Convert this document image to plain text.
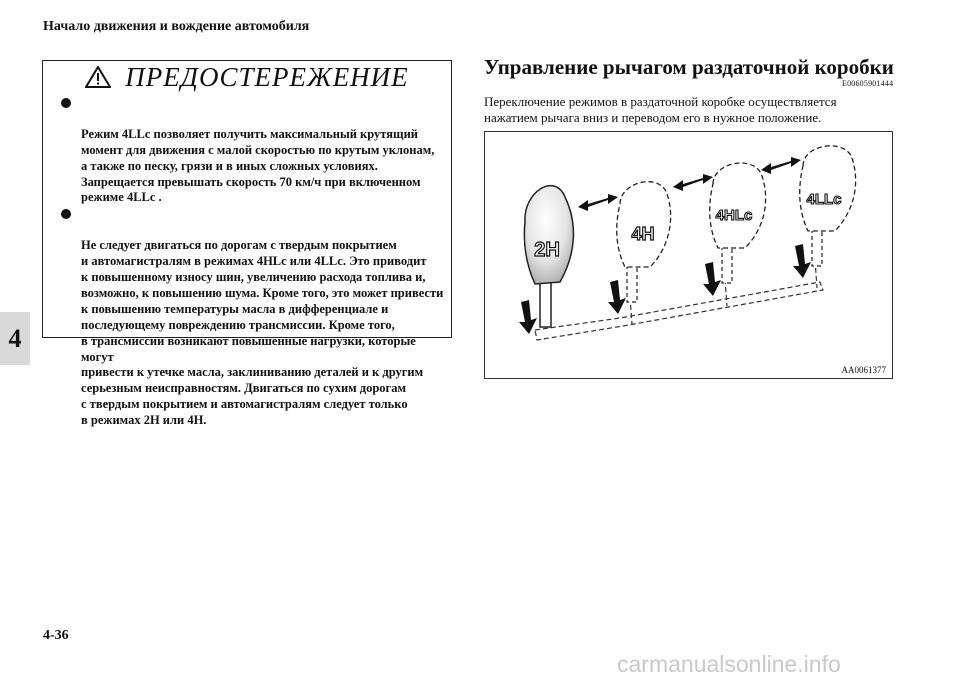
Начало движения и вождение автомобиля
4
ПРЕДОСТЕРЕЖЕНИЕ

Режим 4LLc позволяет получить максимальный крутящий
момент для движения с малой скоростью по крутым уклонам,
а также по песку, грязи и в иных сложных условиях.
Запрещается превышать скорость 70 км/ч при включенном
режиме 4LLc .

Не следует двигаться по дорогам с твердым покрытием
и автомагистралям в режимах 4HLc или 4LLc. Это приводит
к повышенному износу шин, увеличению расхода топлива и,
возможно, к повышению шума. Кроме того, это может привести
к повышению температуры масла в дифференциале и
последующему повреждению трансмиссии. Кроме того,
в трансмиссии возникают повышенные нагрузки, которые могут
привести к утечке масла, заклиниванию деталей и к другим
серьезным неисправностям. Двигаться по сухим дорогам
с твердым покрытием и автомагистралям следует только
в режимах 2H или 4H.

Управление рычагом раздаточной коробки
E00605901444
Переключение режимов в раздаточной коробке осуществляется
нажатием рычага вниз и переводом его в нужное положение.
2H
4H
4HLc
4LLc
AA0061377
4-36
carmanualsonline.info
